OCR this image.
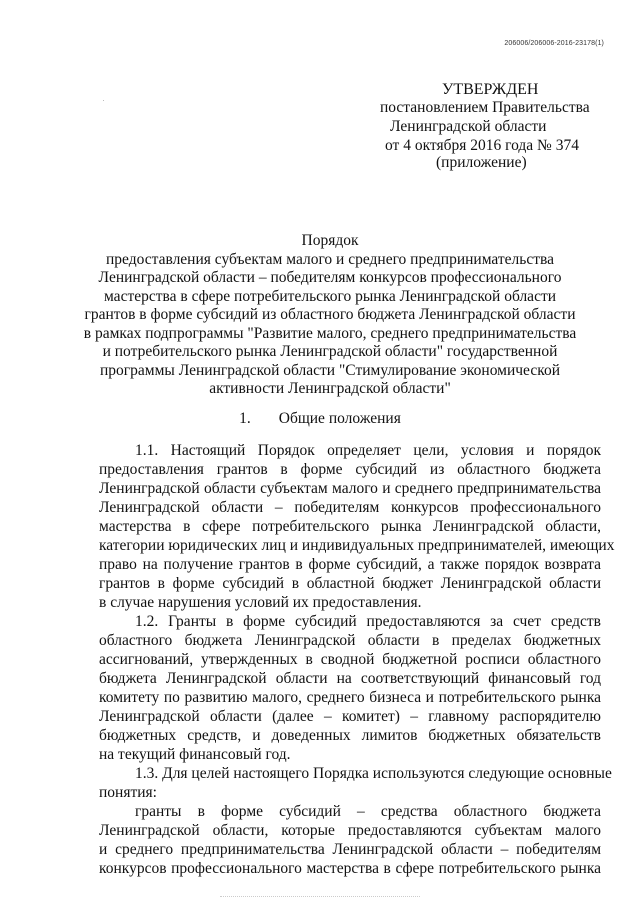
206006/206006-2016-23178(1)
УТВЕРЖДЕН
постановлением Правительства
Ленинградской области
от 4 октября 2016 года № 374
(приложение)
Порядок
предоставления субъектам малого и среднего предпринимательства
Ленинградской области – победителям конкурсов профессионального
мастерства в сфере потребительского рынка Ленинградской области
грантов в форме субсидий из областного бюджета Ленинградской области
в рамках подпрограммы "Развитие малого, среднего предпринимательства
и потребительского рынка Ленинградской области" государственной
программы Ленинградской области "Стимулирование экономической
активности Ленинградской области"
1. Общие положения

1.1. Настоящий Порядок определяет цели, условия и порядок
предоставления грантов в форме субсидий из областного бюджета
Ленинградской области субъектам малого и среднего предпринимательства
Ленинградской области – победителям конкурсов профессионального
мастерства в сфере потребительского рынка Ленинградской области,
категории юридических лиц и индивидуальных предпринимателей, имеющих
право на получение грантов в форме субсидий, а также порядок возврата
грантов в форме субсидий в областной бюджет Ленинградской области
в случае нарушения условий их предоставления.

1.2. Гранты в форме субсидий предоставляются за счет средств
областного бюджета Ленинградской области в пределах бюджетных
ассигнований, утвержденных в сводной бюджетной росписи областного
бюджета Ленинградской области на соответствующий финансовый год
комитету по развитию малого, среднего бизнеса и потребительского рынка
Ленинградской области (далее – комитет) – главному распорядителю
бюджетных средств, и доведенных лимитов бюджетных обязательств
на текущий финансовый год.

1.3. Для целей настоящего Порядка используются следующие основные
понятия:

гранты в форме субсидий – средства областного бюджета
Ленинградской области, которые предоставляются субъектам малого
и среднего предпринимательства Ленинградской области – победителям
конкурсов профессионального мастерства в сфере потребительского рынка
